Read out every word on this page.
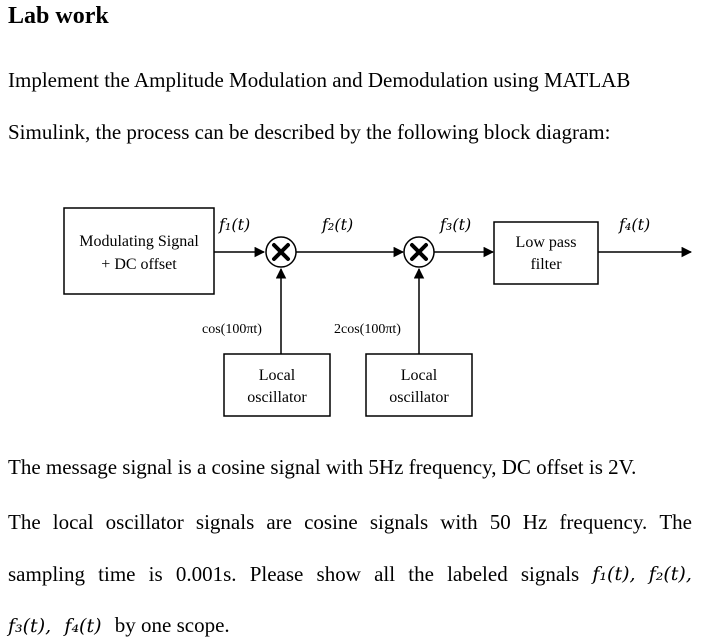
Lab work
Implement the Amplitude Modulation and Demodulation using MATLAB
Simulink, the process can be described by the following block diagram:
Modulating Signal
+ DC offset
f₁(t)	f₂(t)	f₃(t)
Low pass
filter
f₄(t)
Local
oscillator
cos(100πt)
Local
oscillator
2cos(100πt)
The message signal is a cosine signal with 5Hz frequency, DC offset is 2V.
The local oscillator signals are cosine signals with 50 Hz frequency. The
sampling time is 0.001s. Please show all the labeled signals f₁(t), f₂(t),
f₃(t), f₄(t) by one scope.
